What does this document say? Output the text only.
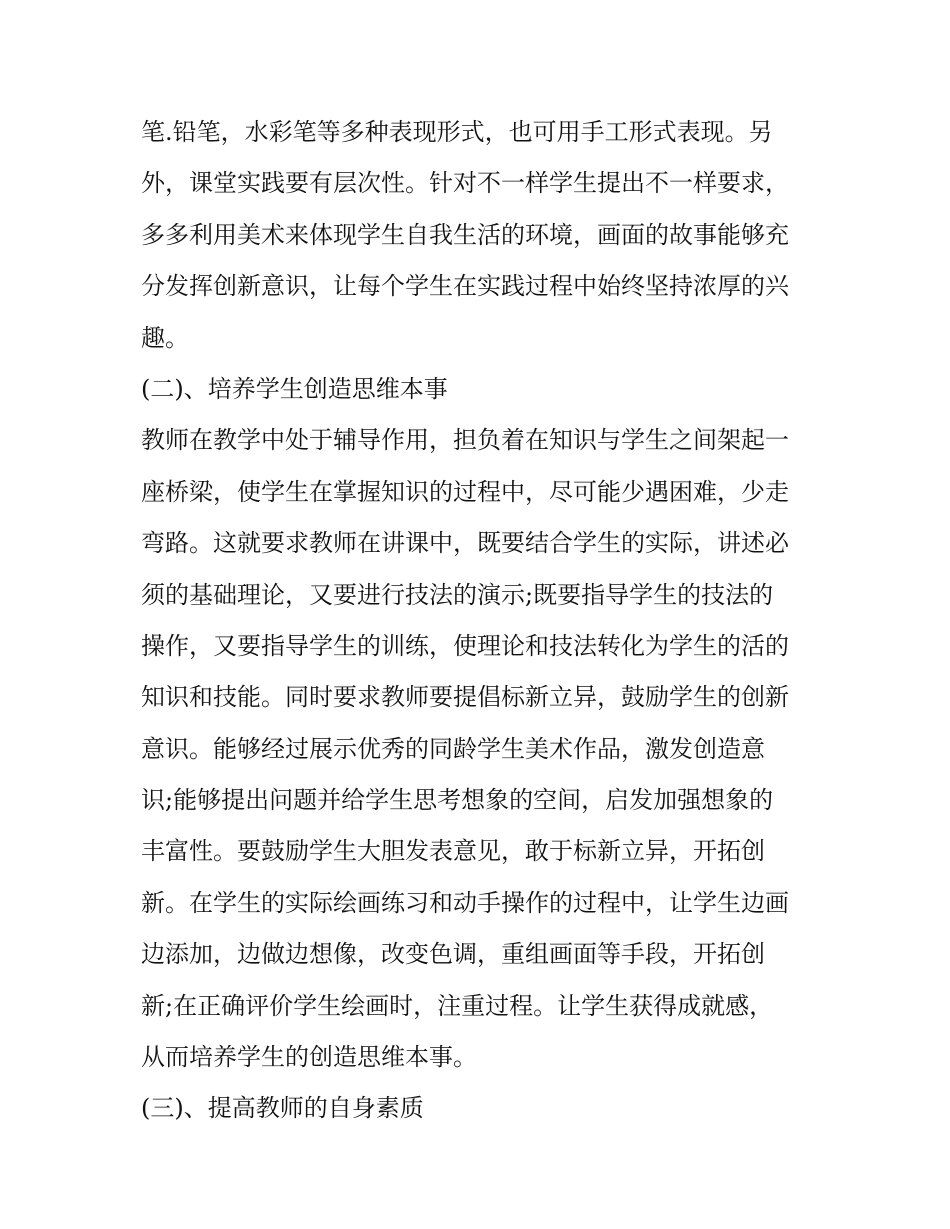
笔.铅笔，水彩笔等多种表现形式，也可用手工形式表现。另
外，课堂实践要有层次性。针对不一样学生提出不一样要求，
多多利用美术来体现学生自我生活的环境，画面的故事能够充
分发挥创新意识，让每个学生在实践过程中始终坚持浓厚的兴
趣。
(二)、培养学生创造思维本事
教师在教学中处于辅导作用，担负着在知识与学生之间架起一
座桥梁，使学生在掌握知识的过程中，尽可能少遇困难，少走
弯路。这就要求教师在讲课中，既要结合学生的实际，讲述必
须的基础理论，又要进行技法的演示;既要指导学生的技法的
操作，又要指导学生的训练，使理论和技法转化为学生的活的
知识和技能。同时要求教师要提倡标新立异，鼓励学生的创新
意识。能够经过展示优秀的同龄学生美术作品，激发创造意
识;能够提出问题并给学生思考想象的空间，启发加强想象的
丰富性。要鼓励学生大胆发表意见，敢于标新立异，开拓创
新。在学生的实际绘画练习和动手操作的过程中，让学生边画
边添加，边做边想像，改变色调，重组画面等手段，开拓创
新;在正确评价学生绘画时，注重过程。让学生获得成就感，
从而培养学生的创造思维本事。
(三)、提高教师的自身素质
